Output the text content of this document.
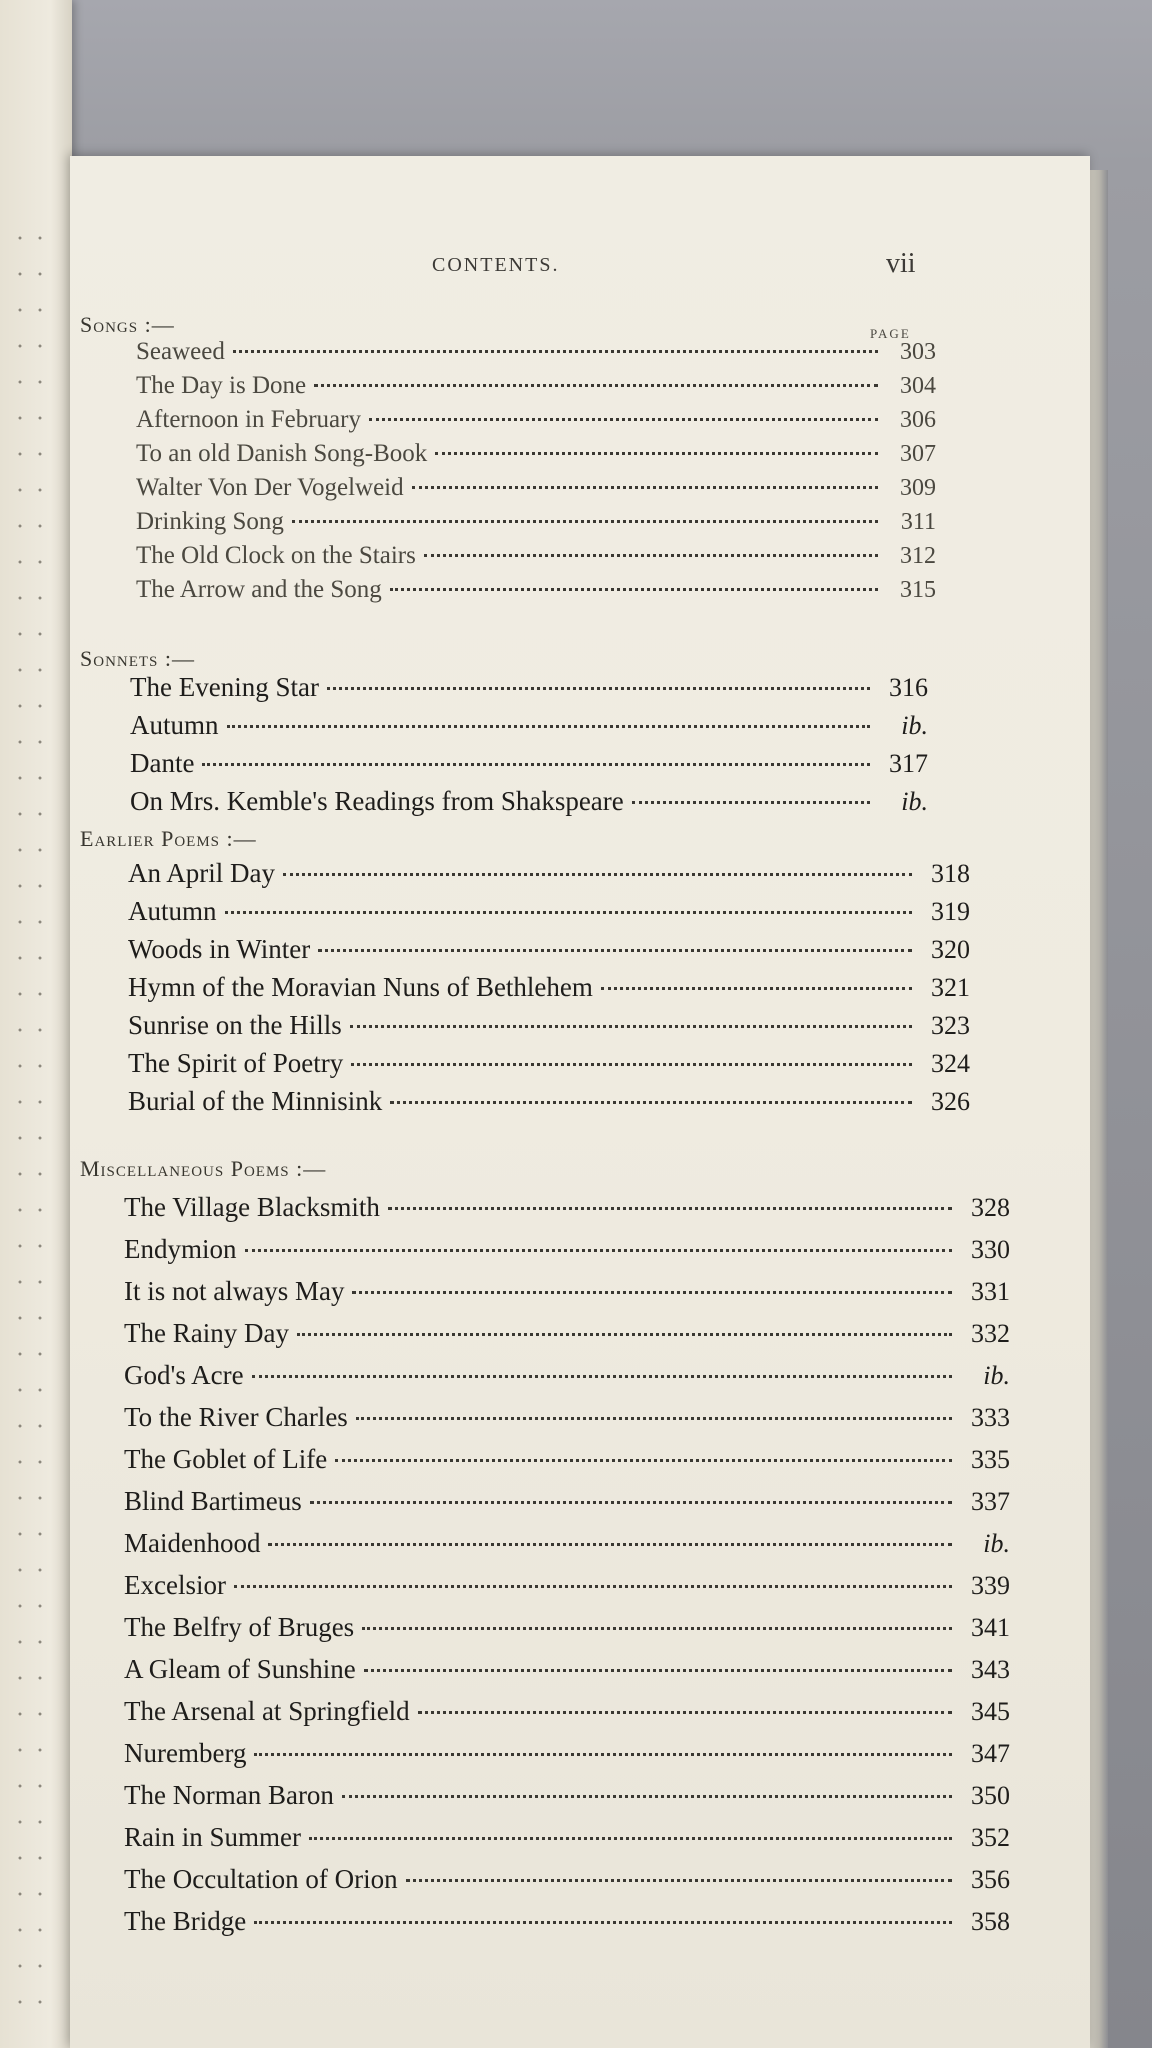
CONTENTS.	vii
PAGE
Songs :—
Seaweed	303
The Day is Done	304
Afternoon in February	306
To an old Danish Song-Book	307
Walter Von Der Vogelweid	309
Drinking Song	311
The Old Clock on the Stairs	312
The Arrow and the Song	315
Sonnets :—
The Evening Star	316
Autumn	ib.
Dante	317
On Mrs. Kemble's Readings from Shakspeare	ib.
Earlier Poems :—
An April Day	318
Autumn	319
Woods in Winter	320
Hymn of the Moravian Nuns of Bethlehem	321
Sunrise on the Hills	323
The Spirit of Poetry	324
Burial of the Minnisink	326
Miscellaneous Poems :—
The Village Blacksmith	328
Endymion	330
It is not always May	331
The Rainy Day	332
God's Acre	ib.
To the River Charles	333
The Goblet of Life	335
Blind Bartimeus	337
Maidenhood	ib.
Excelsior	339
The Belfry of Bruges	341
A Gleam of Sunshine	343
The Arsenal at Springfield	345
Nuremberg	347
The Norman Baron	350
Rain in Summer	352
The Occultation of Orion	356
The Bridge	358
